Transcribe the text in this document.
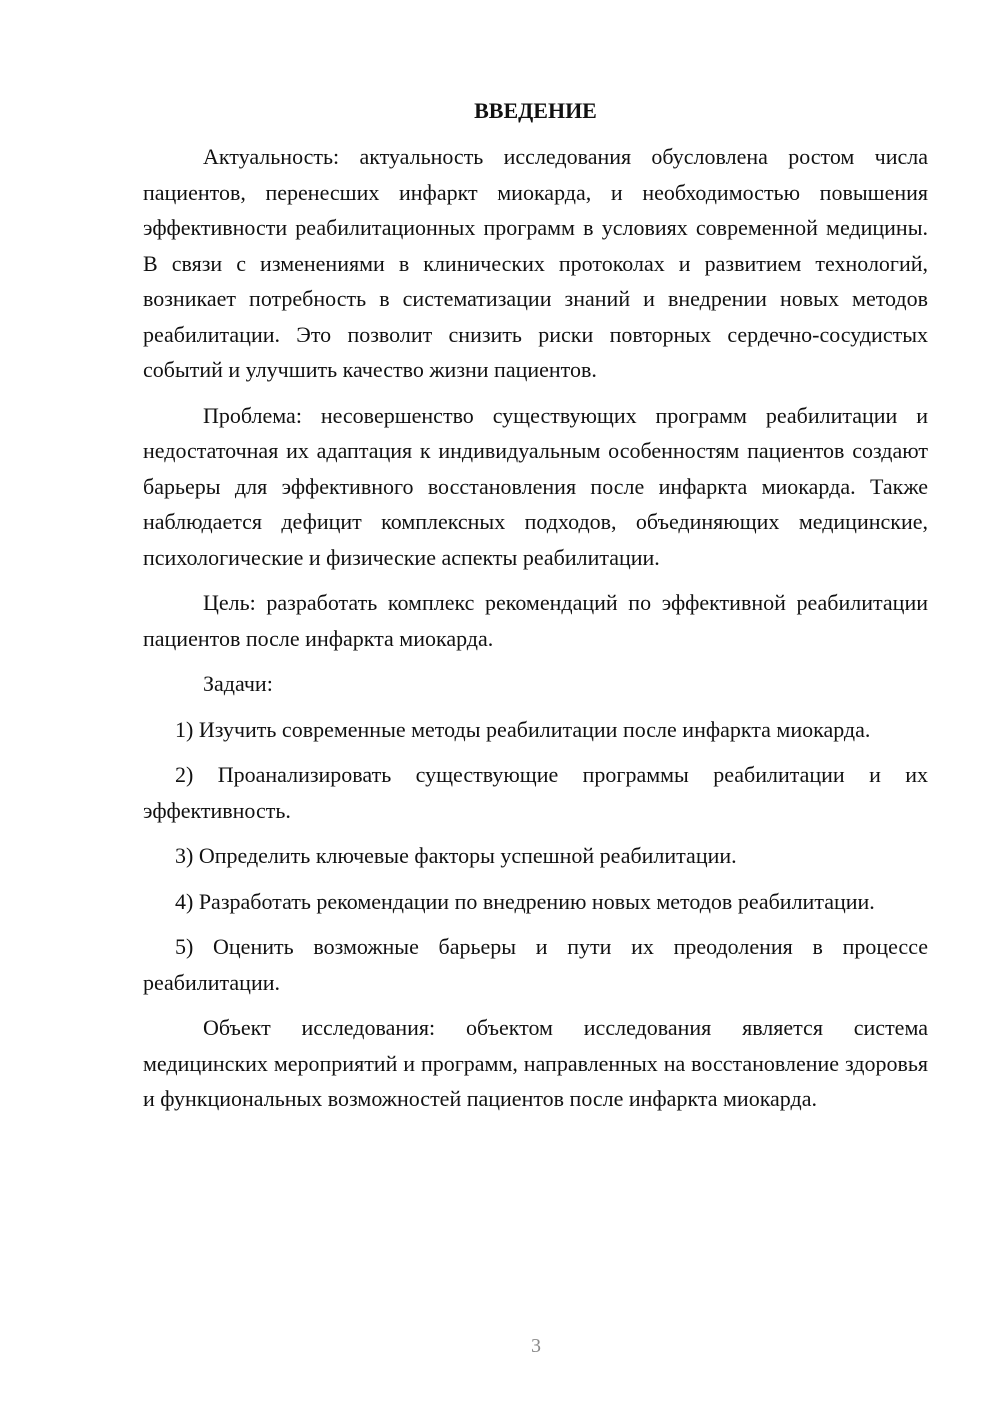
ВВЕДЕНИЕ

Актуальность: актуальность исследования обусловлена ростом числа пациентов, перенесших инфаркт миокарда, и необходимостью повышения эффективности реабилитационных программ в условиях современной медицины. В связи с изменениями в клинических протоколах и развитием технологий, возникает потребность в систематизации знаний и внедрении новых методов реабилитации. Это позволит снизить риски повторных сердечно-сосудистых событий и улучшить качество жизни пациентов.

Проблема: несовершенство существующих программ реабилитации и недостаточная их адаптация к индивидуальным особенностям пациентов создают барьеры для эффективного восстановления после инфаркта миокарда. Также наблюдается дефицит комплексных подходов, объединяющих медицинские, психологические и физические аспекты реабилитации.

Цель: разработать комплекс рекомендаций по эффективной реабилитации пациентов после инфаркта миокарда.

Задачи:

1) Изучить современные методы реабилитации после инфаркта миокарда.

2) Проанализировать существующие программы реабилитации и их эффективность.

3) Определить ключевые факторы успешной реабилитации.

4) Разработать рекомендации по внедрению новых методов реабилитации.

5) Оценить возможные барьеры и пути их преодоления в процессе реабилитации.

Объект исследования: объектом исследования является система медицинских мероприятий и программ, направленных на восстановление здоровья и функциональных возможностей пациентов после инфаркта миокарда.

3
